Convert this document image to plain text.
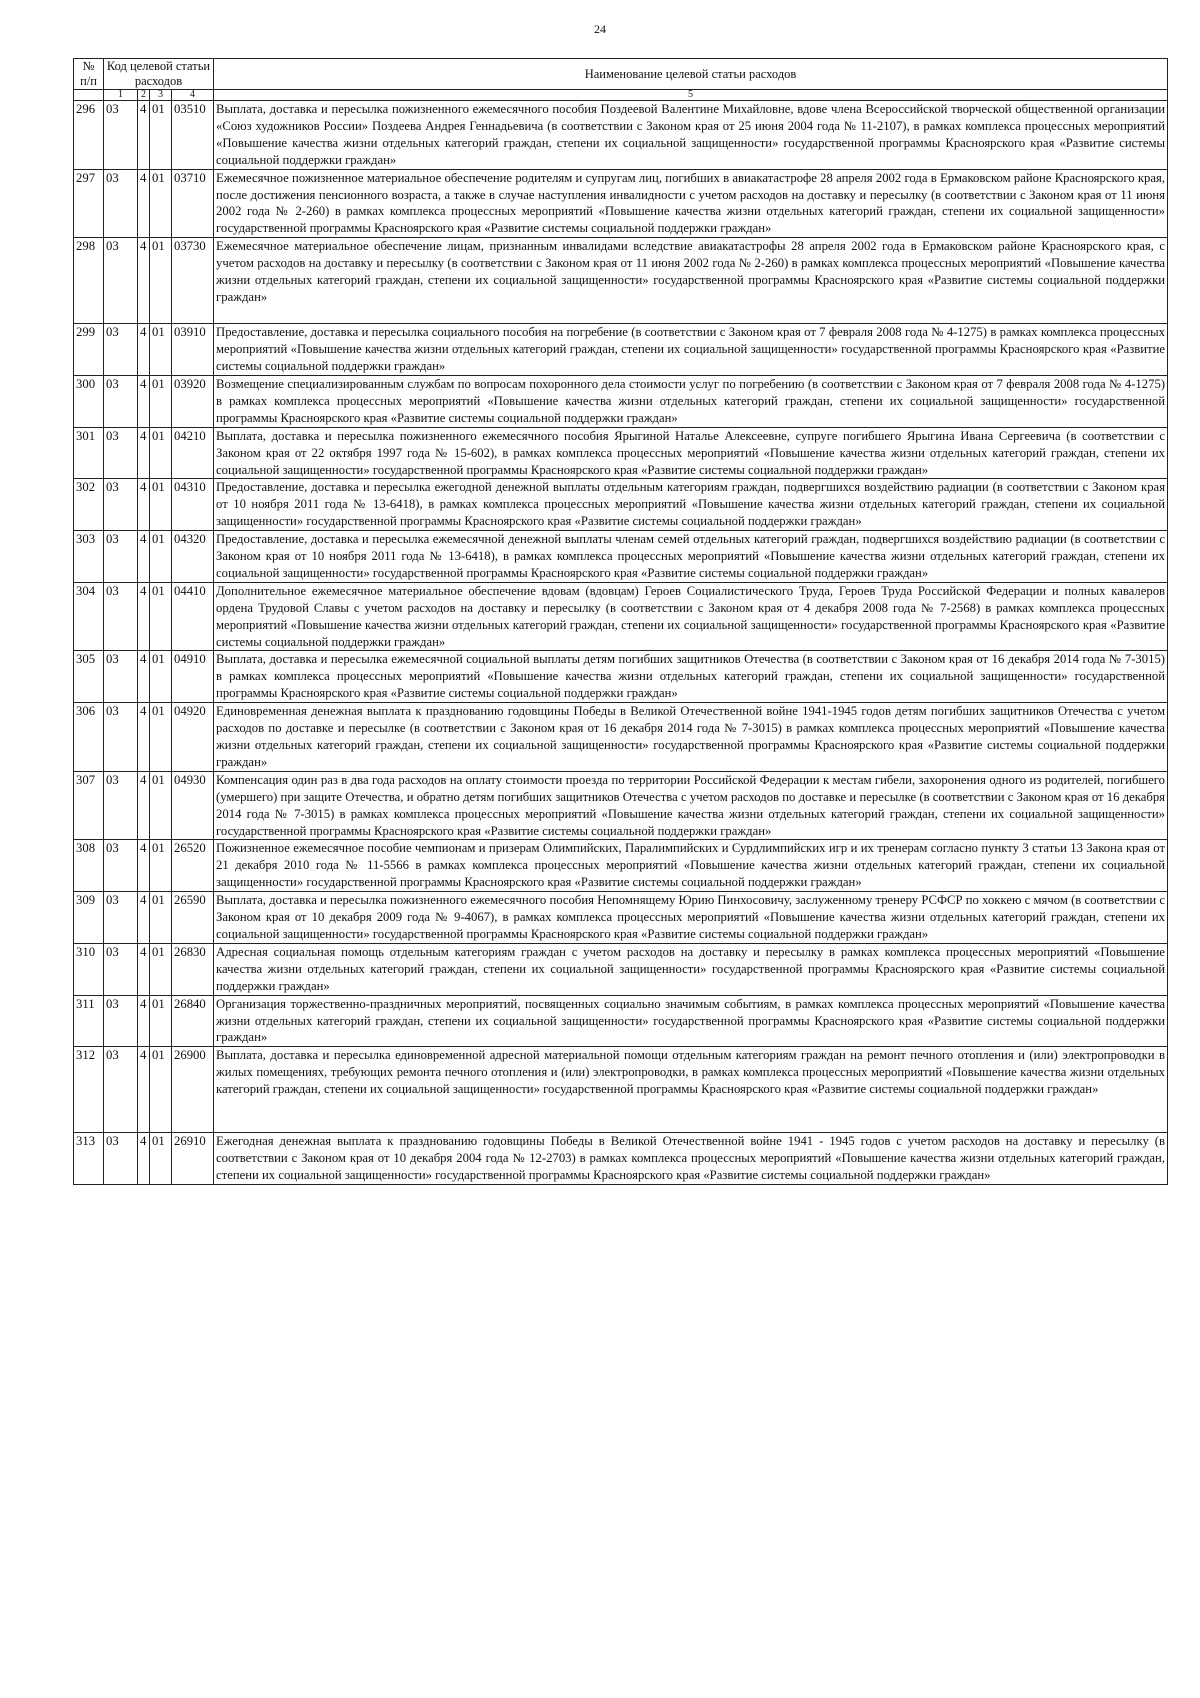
24
№ п/п	Код целевой статьи расходов				Наименование целевой статьи расходов

	1	2	3	4	5
296	03	4	01	03510	Выплата, доставка и пересылка пожизненного ежемесячного пособия Поздеевой Валентине Михайловне, вдове члена Всероссийской творческой общественной организации «Союз художников России» Поздеева Андрея Геннадьевича (в соответствии с Законом края от 25 июня 2004 года № 11-2107), в рамках комплекса процессных мероприятий «Повышение качества жизни отдельных категорий граждан, степени их социальной защищенности» государственной программы Красноярского края «Развитие системы социальной поддержки граждан»
297	03	4	01	03710	Ежемесячное пожизненное материальное обеспечение родителям и супругам лиц, погибших в авиакатастрофе 28 апреля 2002 года в Ермаковском районе Красноярского края, после достижения пенсионного возраста, а также в случае наступления инвалидности с учетом расходов на доставку и пересылку (в соответствии с Законом края от 11 июня 2002 года № 2-260) в рамках комплекса процессных мероприятий «Повышение качества жизни отдельных категорий граждан, степени их социальной защищенности» государственной программы Красноярского края «Развитие системы социальной поддержки граждан»
298	03	4	01	03730	Ежемесячное материальное обеспечение лицам, признанным инвалидами вследствие авиакатастрофы 28 апреля 2002 года в Ермаковском районе Красноярского края, с учетом расходов на доставку и пересылку (в соответствии с Законом края от 11 июня 2002 года № 2-260) в рамках комплекса процессных мероприятий «Повышение качества жизни отдельных категорий граждан, степени их социальной защищенности» государственной программы Красноярского края «Развитие системы социальной поддержки граждан»
299	03	4	01	03910	Предоставление, доставка и пересылка социального пособия на погребение (в соответствии с Законом края от 7 февраля 2008 года № 4-1275) в рамках комплекса процессных мероприятий «Повышение качества жизни отдельных категорий граждан, степени их социальной защищенности» государственной программы Красноярского края «Развитие системы социальной поддержки граждан»
300	03	4	01	03920	Возмещение специализированным службам по вопросам похоронного дела стоимости услуг по погребению (в соответствии с Законом края от 7 февраля 2008 года № 4-1275) в рамках комплекса процессных мероприятий «Повышение качества жизни отдельных категорий граждан, степени их социальной защищенности» государственной программы Красноярского края «Развитие системы социальной поддержки граждан»
301	03	4	01	04210	Выплата, доставка и пересылка пожизненного ежемесячного пособия Ярыгиной Наталье Алексеевне, супруге погибшего Ярыгина Ивана Сергеевича (в соответствии с Законом края от 22 октября 1997 года № 15-602), в рамках комплекса процессных мероприятий «Повышение качества жизни отдельных категорий граждан, степени их социальной защищенности» государственной программы Красноярского края «Развитие системы социальной поддержки граждан»
302	03	4	01	04310	Предоставление, доставка и пересылка ежегодной денежной выплаты отдельным категориям граждан, подвергшихся воздействию радиации (в соответствии с Законом края от 10 ноября 2011 года № 13-6418), в рамках комплекса процессных мероприятий «Повышение качества жизни отдельных категорий граждан, степени их социальной защищенности» государственной программы Красноярского края «Развитие системы социальной поддержки граждан»
303	03	4	01	04320	Предоставление, доставка и пересылка ежемесячной денежной выплаты членам семей отдельных категорий граждан, подвергшихся воздействию радиации (в соответствии с Законом края от 10 ноября 2011 года № 13-6418), в рамках комплекса процессных мероприятий «Повышение качества жизни отдельных категорий граждан, степени их социальной защищенности» государственной программы Красноярского края «Развитие системы социальной поддержки граждан»
304	03	4	01	04410	Дополнительное ежемесячное материальное обеспечение вдовам (вдовцам) Героев Социалистического Труда, Героев Труда Российской Федерации и полных кавалеров ордена Трудовой Славы с учетом расходов на доставку и пересылку (в соответствии с Законом края от 4 декабря 2008 года № 7-2568) в рамках комплекса процессных мероприятий «Повышение качества жизни отдельных категорий граждан, степени их социальной защищенности» государственной программы Красноярского края «Развитие системы социальной поддержки граждан»
305	03	4	01	04910	Выплата, доставка и пересылка ежемесячной социальной выплаты детям погибших защитников Отечества (в соответствии с Законом края от 16 декабря 2014 года № 7-3015) в рамках комплекса процессных мероприятий «Повышение качества жизни отдельных категорий граждан, степени их социальной защищенности» государственной программы Красноярского края «Развитие системы социальной поддержки граждан»
306	03	4	01	04920	Единовременная денежная выплата к празднованию годовщины Победы в Великой Отечественной войне 1941-1945 годов детям погибших защитников Отечества с учетом расходов по доставке и пересылке (в соответствии с Законом края от 16 декабря 2014 года № 7-3015) в рамках комплекса процессных мероприятий «Повышение качества жизни отдельных категорий граждан, степени их социальной защищенности» государственной программы Красноярского края «Развитие системы социальной поддержки граждан»
307	03	4	01	04930	Компенсация один раз в два года расходов на оплату стоимости проезда по территории Российской Федерации к местам гибели, захоронения одного из родителей, погибшего (умершего) при защите Отечества, и обратно детям погибших защитников Отечества с учетом расходов по доставке и пересылке (в соответствии с Законом края от 16 декабря 2014 года № 7-3015) в рамках комплекса процессных мероприятий «Повышение качества жизни отдельных категорий граждан, степени их социальной защищенности» государственной программы Красноярского края «Развитие системы социальной поддержки граждан»
308	03	4	01	26520	Пожизненное ежемесячное пособие чемпионам и призерам Олимпийских, Паралимпийских и Сурдлимпийских игр и их тренерам согласно пункту 3 статьи 13 Закона края от 21 декабря 2010 года № 11-5566 в рамках комплекса процессных мероприятий «Повышение качества жизни отдельных категорий граждан, степени их социальной защищенности» государственной программы Красноярского края «Развитие системы социальной поддержки граждан»
309	03	4	01	26590	Выплата, доставка и пересылка пожизненного ежемесячного пособия Непомнящему Юрию Пинхосовичу, заслуженному тренеру РСФСР по хоккею с мячом (в соответствии с Законом края от 10 декабря 2009 года № 9-4067), в рамках комплекса процессных мероприятий «Повышение качества жизни отдельных категорий граждан, степени их социальной защищенности» государственной программы Красноярского края «Развитие системы социальной поддержки граждан»
310	03	4	01	26830	Адресная социальная помощь отдельным категориям граждан с учетом расходов на доставку и пересылку в рамках комплекса процессных мероприятий «Повышение качества жизни отдельных категорий граждан, степени их социальной защищенности» государственной программы Красноярского края «Развитие системы социальной поддержки граждан»
311	03	4	01	26840	Организация торжественно-праздничных мероприятий, посвященных социально значимым событиям, в рамках комплекса процессных мероприятий «Повышение качества жизни отдельных категорий граждан, степени их социальной защищенности» государственной программы Красноярского края «Развитие системы социальной поддержки граждан»
312	03	4	01	26900	Выплата, доставка и пересылка единовременной адресной материальной помощи отдельным категориям граждан на ремонт печного отопления и (или) электропроводки в жилых помещениях, требующих ремонта печного отопления и (или) электропроводки, в рамках комплекса процессных мероприятий «Повышение качества жизни отдельных категорий граждан, степени их социальной защищенности» государственной программы Красноярского края «Развитие системы социальной поддержки граждан»
313	03	4	01	26910	Ежегодная денежная выплата к празднованию годовщины Победы в Великой Отечественной войне 1941 - 1945 годов с учетом расходов на доставку и пересылку (в соответствии с Законом края от 10 декабря 2004 года № 12-2703) в рамках комплекса процессных мероприятий «Повышение качества жизни отдельных категорий граждан, степени их социальной защищенности» государственной программы Красноярского края «Развитие системы социальной поддержки граждан»
